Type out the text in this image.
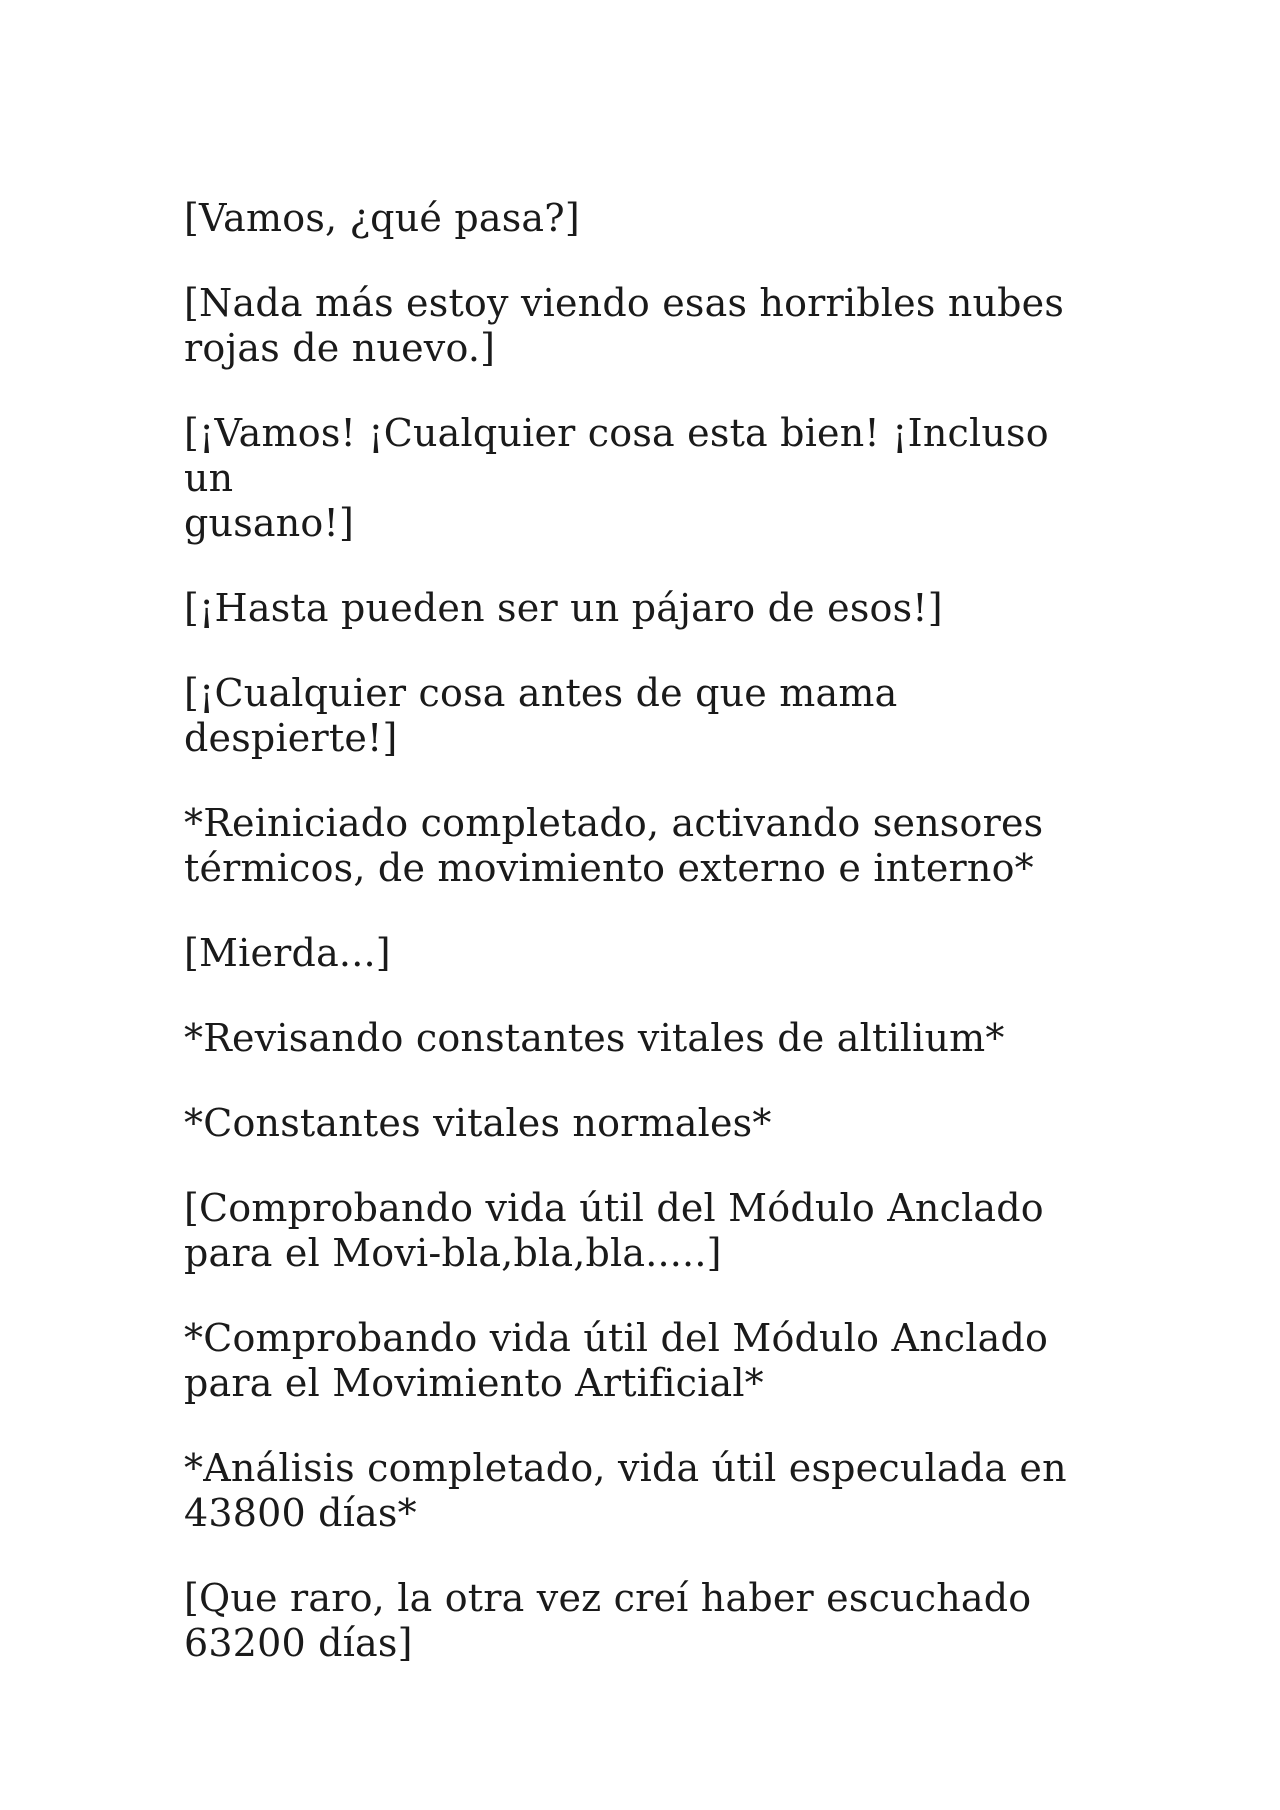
[Vamos, ¿qué pasa?]

[Nada más estoy viendo esas horribles nubes
rojas de nuevo.]

[¡Vamos! ¡Cualquier cosa esta bien! ¡Incluso un
gusano!]

[¡Hasta pueden ser un pájaro de esos!]

[¡Cualquier cosa antes de que mama despierte!]

*Reiniciado completado, activando sensores
térmicos, de movimiento externo e interno*

[Mierda...]

*Revisando constantes vitales de altilium*

*Constantes vitales normales*

[Comprobando vida útil del Módulo Anclado
para el Movi-bla,bla,bla.....]

*Comprobando vida útil del Módulo Anclado
para el Movimiento Artificial*

*Análisis completado, vida útil especulada en
43800 días*

[Que raro, la otra vez creí haber escuchado
63200 días]
